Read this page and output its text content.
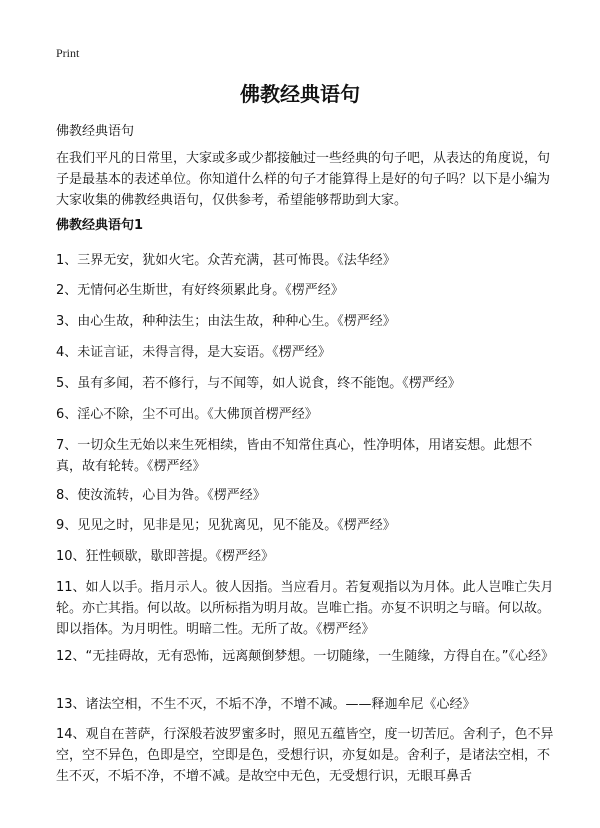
Print
佛教经典语句
佛教经典语句

在我们平凡的日常里，大家或多或少都接触过一些经典的句子吧，从表达的角度说，句子是最基本的表述单位。你知道什么样的句子才能算得上是好的句子吗？以下是小编为大家收集的佛教经典语句，仅供参考，希望能够帮助到大家。

佛教经典语句1

1、三界无安，犹如火宅。众苦充满，甚可怖畏。《法华经》

2、无情何必生斯世，有好终须累此身。《楞严经》

3、由心生故，种种法生；由法生故，种种心生。《楞严经》

4、未证言证，未得言得，是大妄语。《楞严经》

5、虽有多闻，若不修行，与不闻等，如人说食，终不能饱。《楞严经》

6、淫心不除，尘不可出。《大佛顶首楞严经》

7、一切众生无始以来生死相续，皆由不知常住真心，性净明体，用诸妄想。此想不真，故有轮转。《楞严经》

8、使汝流转，心目为咎。《楞严经》

9、见见之时，见非是见；见犹离见，见不能及。《楞严经》

10、狂性顿歇，歇即菩提。《楞严经》

11、如人以手。指月示人。彼人因指。当应看月。若复观指以为月体。此人岂唯亡失月轮。亦亡其指。何以故。以所标指为明月故。岂唯亡指。亦复不识明之与暗。何以故。即以指体。为月明性。明暗二性。无所了故。《楞严经》

12、“无挂碍故，无有恐怖，远离颠倒梦想。一切随缘，一生随缘，方得自在。”《心经》

13、诸法空相，不生不灭，不垢不净，不增不减。——释迦牟尼《心经》

14、观自在菩萨，行深般若波罗蜜多时，照见五蕴皆空，度一切苦厄。舍利子，色不异空，空不异色，色即是空，空即是色，受想行识，亦复如是。舍利子，是诸法空相，不生不灭，不垢不净，不增不减。是故空中无色，无受想行识，无眼耳鼻舌
